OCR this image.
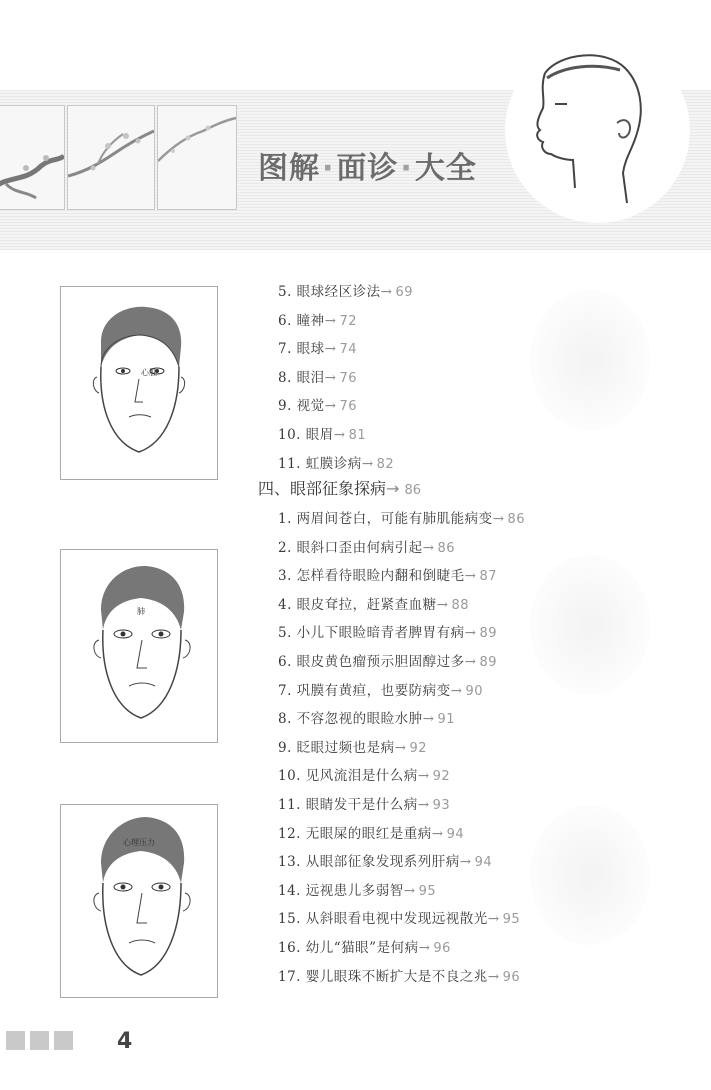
图解·面诊·大全
心脏
肺
心理压力
5. 眼球经区诊法→ 69
6. 瞳神→ 72
7. 眼球→ 74
8. 眼泪→ 76
9. 视觉→ 76
10. 眼眉→ 81
11. 虹膜诊病→ 82
1. 两眉间苍白，可能有肺肌能病变→ 86
2. 眼斜口歪由何病引起→ 86
3. 怎样看待眼睑内翻和倒睫毛→ 87
4. 眼皮耷拉，赶紧查血糖→ 88
5. 小儿下眼睑暗青者脾胃有病→ 89
6. 眼皮黄色瘤预示胆固醇过多→ 89
7. 巩膜有黄疸，也要防病变→ 90
8. 不容忽视的眼睑水肿→ 91
9. 眨眼过频也是病→ 92
10. 见风流泪是什么病→ 92
11. 眼睛发干是什么病→ 93
12. 无眼屎的眼红是重病→ 94
13. 从眼部征象发现系列肝病→ 94
14. 远视患儿多弱智→ 95
15. 从斜眼看电视中发现远视散光→ 95
16. 幼儿“猫眼”是何病→ 96
17. 婴儿眼珠不断扩大是不良之兆→ 96
四、眼部征象探病→ 86
4
